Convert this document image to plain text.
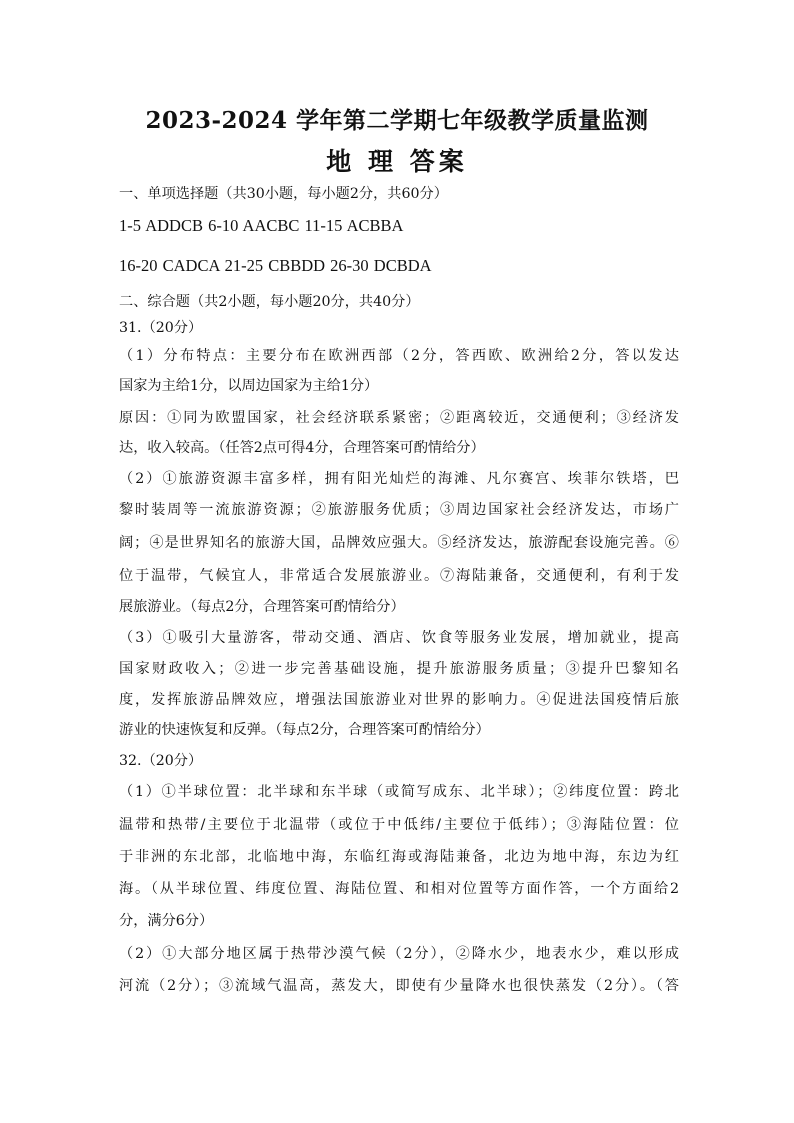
2023-2024 学年第二学期七年级教学质量监测
地 理 答案
一、单项选择题（共30小题，每小题2分，共60分）
1-5 ADDCB 6-10 AACBC 11-15 ACBBA
16-20 CADCA 21-25 CBBDD 26-30 DCBDA
二、综合题（共2小题，每小题20分，共40分）
31.（20分）
（1）分布特点：主要分布在欧洲西部（2分，答西欧、欧洲给2分，答以发达
国家为主给1分，以周边国家为主给1分）
原因：①同为欧盟国家，社会经济联系紧密；②距离较近，交通便利；③经济发
达，收入较高。（任答2点可得4分，合理答案可酌情给分）
（2）①旅游资源丰富多样，拥有阳光灿烂的海滩、凡尔赛宫、埃菲尔铁塔，巴
黎时装周等一流旅游资源；②旅游服务优质；③周边国家社会经济发达，市场广
阔；④是世界知名的旅游大国，品牌效应强大。⑤经济发达，旅游配套设施完善。⑥
位于温带，气候宜人，非常适合发展旅游业。⑦海陆兼备，交通便利，有利于发
展旅游业。（每点2分，合理答案可酌情给分）
（3）①吸引大量游客，带动交通、酒店、饮食等服务业发展，增加就业，提高
国家财政收入；②进一步完善基础设施，提升旅游服务质量；③提升巴黎知名
度，发挥旅游品牌效应，增强法国旅游业对世界的影响力。④促进法国疫情后旅
游业的快速恢复和反弹。（每点2分，合理答案可酌情给分）
32.（20分）
（1）①半球位置：北半球和东半球（或简写成东、北半球）；②纬度位置：跨北
温带和热带/主要位于北温带（或位于中低纬/主要位于低纬）；③海陆位置：位
于非洲的东北部，北临地中海，东临红海或海陆兼备，北边为地中海，东边为红
海。（从半球位置、纬度位置、海陆位置、和相对位置等方面作答，一个方面给2
分，满分6分）
（2）①大部分地区属于热带沙漠气候（2分），②降水少，地表水少，难以形成
河流（2分）；③流域气温高，蒸发大，即使有少量降水也很快蒸发（2分）。（答
